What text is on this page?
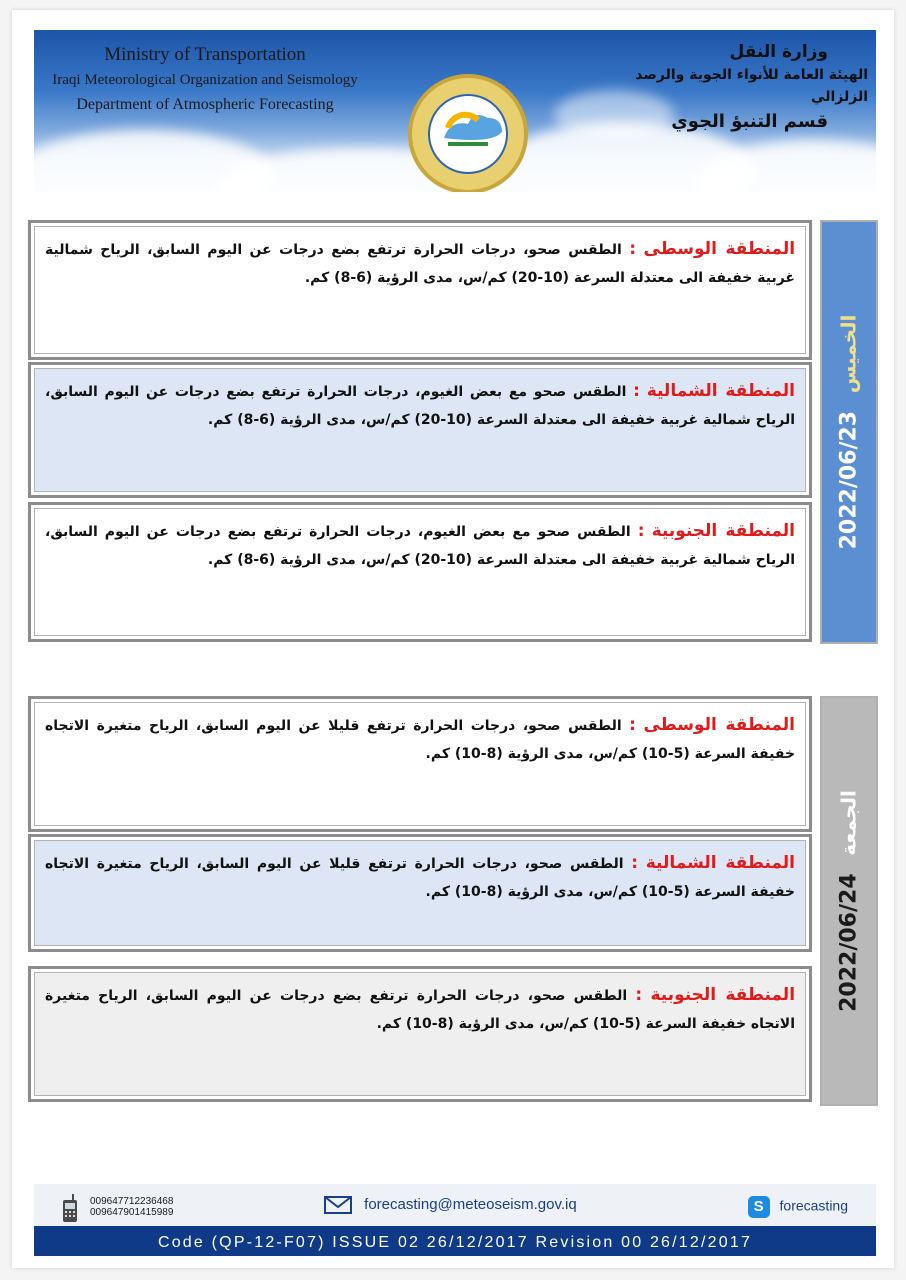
Ministry of Transportation
Iraqi Meteorological Organization and Seismology
Department of Atmospheric Forecasting
وزارة النقل
الهيئة العامة للأنواء الجوية والرصد الزلزالي
قسم التنبؤ الجوي

المنطقة الوسطى : الطقس صحو، درجات الحرارة ترتفع بضع درجات عن اليوم السابق، الرياح شمالية غربية خفيفة الى معتدلة السرعة (10-20) كم/س، مدى الرؤية (6-8) كم.

المنطقة الشمالية : الطقس صحو مع بعض الغيوم، درجات الحرارة ترتفع بضع درجات عن اليوم السابق، الرياح شمالية غربية خفيفة الى معتدلة السرعة (10-20) كم/س، مدى الرؤية (6-8) كم.

المنطقة الجنوبية : الطقس صحو مع بعض الغيوم، درجات الحرارة ترتفع بضع درجات عن اليوم السابق، الرياح شمالية غربية خفيفة الى معتدلة السرعة (10-20) كم/س، مدى الرؤية (6-8) كم.

2022/06/23 الخميس

المنطقة الوسطى : الطقس صحو، درجات الحرارة ترتفع قليلا عن اليوم السابق، الرياح متغيرة الاتجاه خفيفة السرعة (5-10) كم/س، مدى الرؤية (8-10) كم.

المنطقة الشمالية : الطقس صحو، درجات الحرارة ترتفع قليلا عن اليوم السابق، الرياح متغيرة الاتجاه خفيفة السرعة (5-10) كم/س، مدى الرؤية (8-10) كم.

المنطقة الجنوبية : الطقس صحو، درجات الحرارة ترتفع بضع درجات عن اليوم السابق، الرياح متغيرة الاتجاه خفيفة السرعة (5-10) كم/س، مدى الرؤية (8-10) كم.

2022/06/24 الجمعة
009647712236468
009647901415989	forecasting@meteoseism.gov.iq	S forecasting
Code (QP-12-F07) ISSUE 02 26/12/2017 Revision 00 26/12/2017
